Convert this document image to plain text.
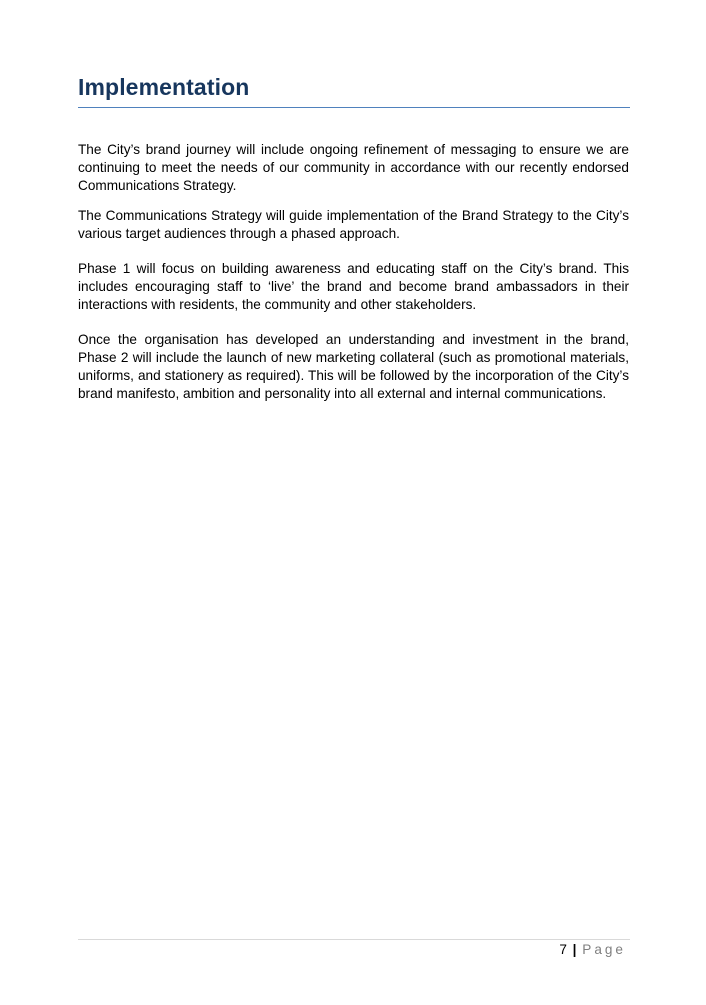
Implementation

The City’s brand journey will include ongoing refinement of messaging to ensure we are continuing to meet the needs of our community in accordance with our recently endorsed Communications Strategy.

The Communications Strategy will guide implementation of the Brand Strategy to the City’s various target audiences through a phased approach.

Phase 1 will focus on building awareness and educating staff on the City’s brand. This includes encouraging staff to ‘live’ the brand and become brand ambassadors in their interactions with residents, the community and other stakeholders.

Once the organisation has developed an understanding and investment in the brand, Phase 2 will include the launch of new marketing collateral (such as promotional materials, uniforms, and stationery as required). This will be followed by the incorporation of the City’s brand manifesto, ambition and personality into all external and internal communications.

7 | Page
